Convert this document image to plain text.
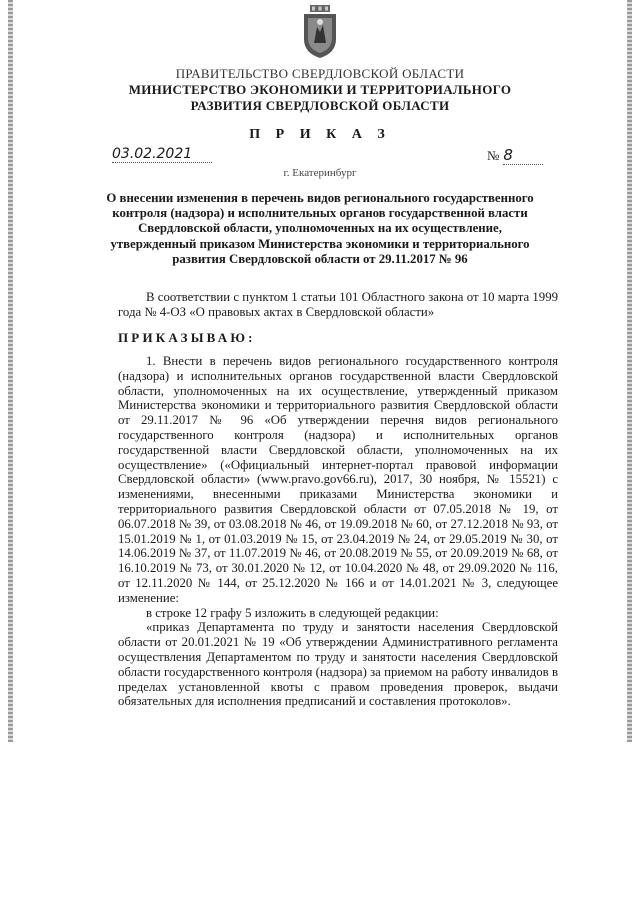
ПРАВИТЕЛЬСТВО СВЕРДЛОВСКОЙ ОБЛАСТИ
МИНИСТЕРСТВО ЭКОНОМИКИ И ТЕРРИТОРИАЛЬНОГО
РАЗВИТИЯ СВЕРДЛОВСКОЙ ОБЛАСТИ
П Р И К А З
03.02.2021	№ 8
г. Екатеринбург
О внесении изменения в перечень видов регионального государственного контроля (надзора) и исполнительных органов государственной власти Свердловской области, уполномоченных на их осуществление, утвержденный приказом Министерства экономики и территориального развития Свердловской области от 29.11.2017 № 96
В соответствии с пунктом 1 статьи 101 Областного закона от 10 марта 1999 года № 4-ОЗ «О правовых актах в Свердловской области»
ПРИКАЗЫВАЮ:

1. Внести в перечень видов регионального государственного контроля (надзора) и исполнительных органов государственной власти Свердловской области, уполномоченных на их осуществление, утвержденный приказом Министерства экономики и территориального развития Свердловской области от 29.11.2017 № 96 «Об утверждении перечня видов регионального государственного контроля (надзора) и исполнительных органов государственной власти Свердловской области, уполномоченных на их осуществление» («Официальный интернет-портал правовой информации Свердловской области» (www.pravo.gov66.ru), 2017, 30 ноября, № 15521) с изменениями, внесенными приказами Министерства экономики и территориального развития Свердловской области от 07.05.2018 № 19, от 06.07.2018 № 39, от 03.08.2018 № 46, от 19.09.2018 № 60, от 27.12.2018 № 93, от 15.01.2019 № 1, от 01.03.2019 № 15, от 23.04.2019 № 24, от 29.05.2019 № 30, от 14.06.2019 № 37, от 11.07.2019 № 46, от 20.08.2019 № 55, от 20.09.2019 № 68, от 16.10.2019 № 73, от 30.01.2020 № 12, от 10.04.2020 № 48, от 29.09.2020 № 116, от 12.11.2020 № 144, от 25.12.2020 № 166 и от 14.01.2021 № 3, следующее изменение:

в строке 12 графу 5 изложить в следующей редакции:

«приказ Департамента по труду и занятости населения Свердловской области от 20.01.2021 № 19 «Об утверждении Административного регламента осуществления Департаментом по труду и занятости населения Свердловской области государственного контроля (надзора) за приемом на работу инвалидов в пределах установленной квоты с правом проведения проверок, выдачи обязательных для исполнения предписаний и составления протоколов».
